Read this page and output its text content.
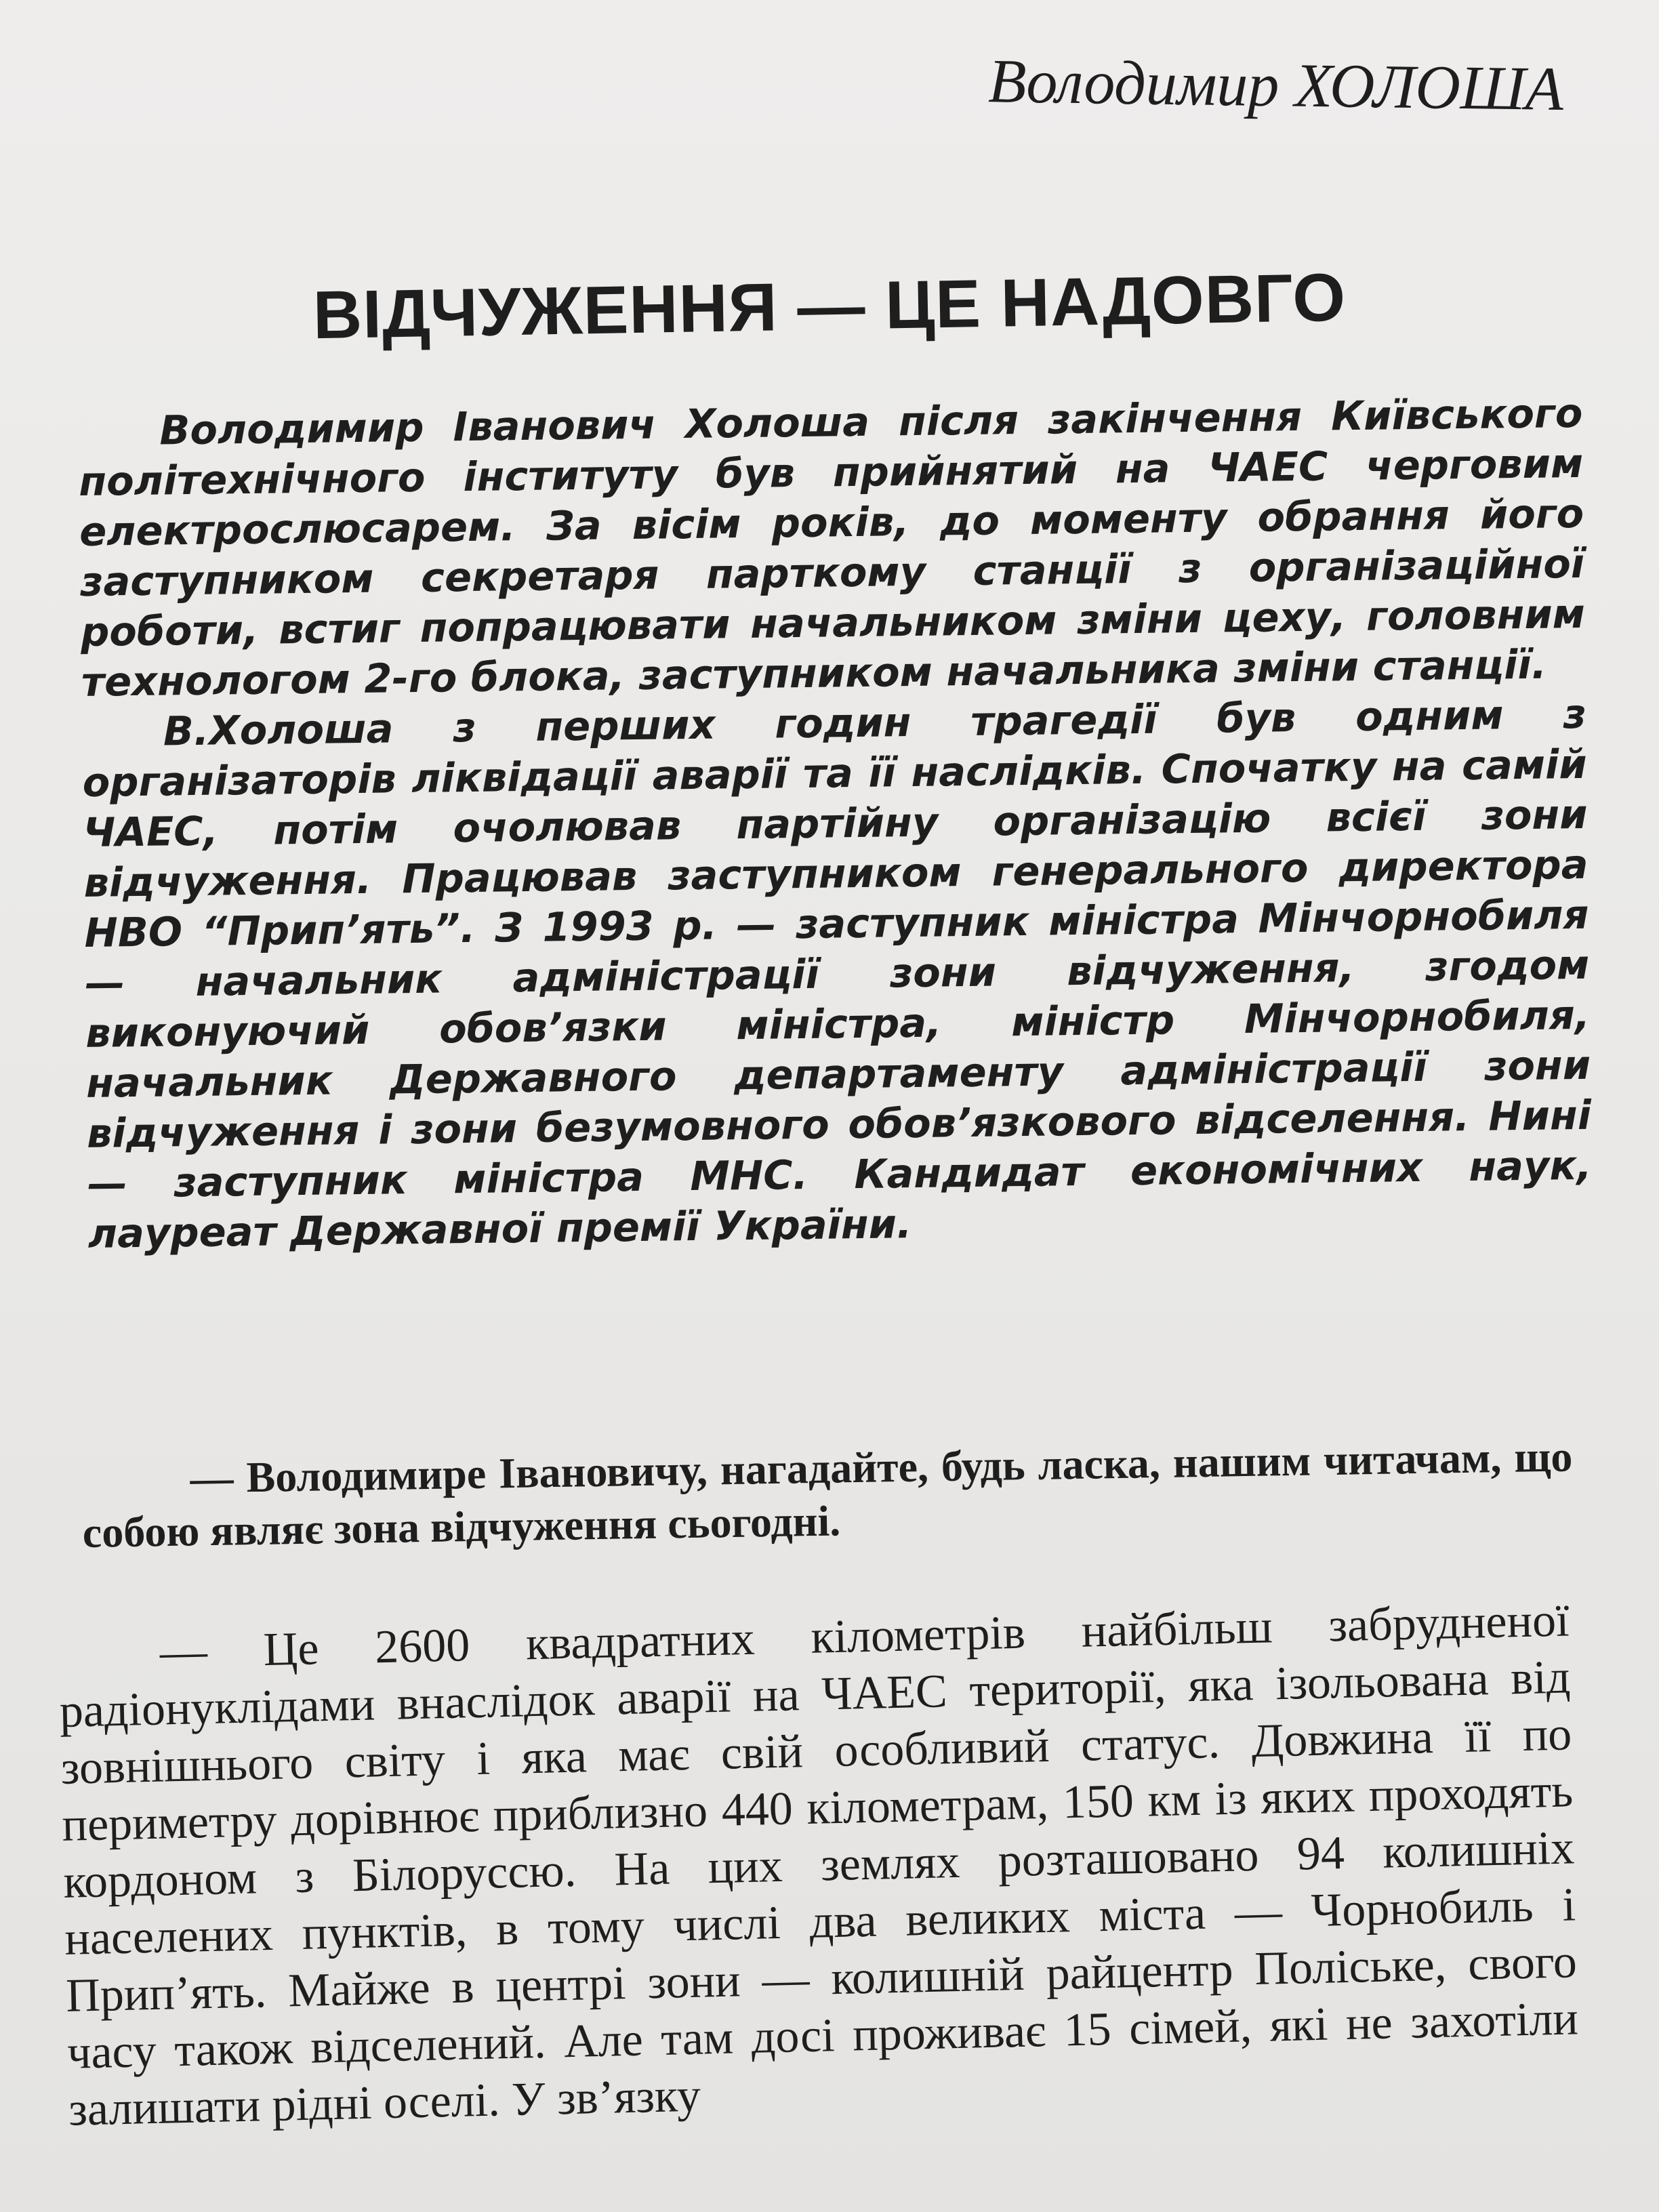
Володимир ХОЛОША
ВІДЧУЖЕННЯ — ЦЕ НАДОВГО

Володимир Іванович Холоша після закінчення Київського політехнічного інституту був прийнятий на ЧАЕС черговим електрослюсарем. За вісім років, до моменту обрання його заступником секретаря парткому станції з організаційної роботи, встиг попрацювати начальником зміни цеху, головним технологом 2-го блока, заступником начальника зміни станції.

В.Холоша з перших годин трагедії був одним з організаторів ліквідації аварії та її наслідків. Спочатку на самій ЧАЕС, потім очолював партійну організацію всієї зони відчуження. Працював заступником генерального директора НВО “Прип’ять”. З 1993 р. — заступник міністра Мінчорнобиля — начальник адміністрації зони відчуження, згодом виконуючий обов’язки міністра, міністр Мінчорнобиля, начальник Державного департаменту адміністрації зони відчуження і зони безумовного обов’язкового відселення. Нині — заступник міністра МНС. Кандидат економічних наук, лауреат Державної премії України.

— Володимире Івановичу, нагадайте, будь ласка, нашим читачам, що собою являє зона відчуження сьогодні.

— Це 2600 квадратних кілометрів найбільш забрудненої радіонуклідами внаслідок аварії на ЧАЕС території, яка ізольована від зовнішнього світу і яка має свій особливий статус. Довжина її по периметру дорівнює приблизно 440 кілометрам, 150 км із яких проходять кордоном з Білоруссю. На цих землях розташовано 94 колишніх населених пунктів, в тому числі два великих міста — Чорнобиль і Прип’ять. Майже в центрі зони — колишній райцентр Поліське, свого часу також відселений. Але там досі проживає 15 сімей, які не захотіли залишати рідні оселі. У зв’язку
